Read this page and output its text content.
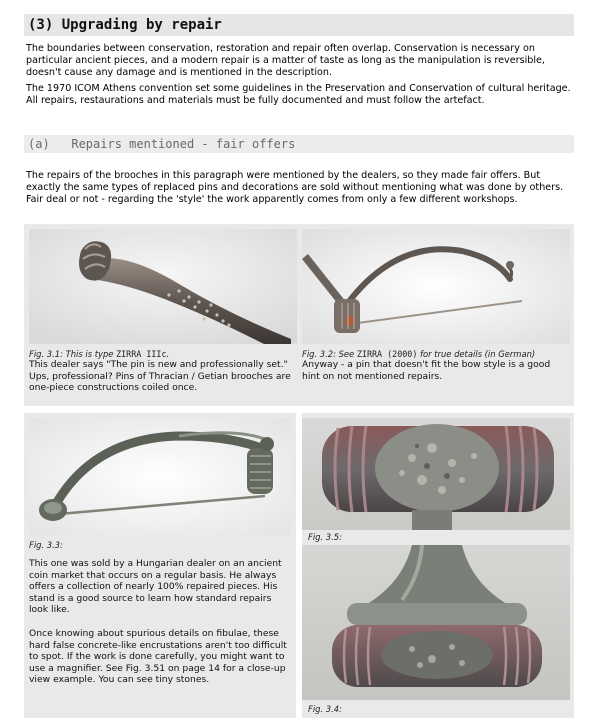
(3) Upgrading by repair

The boundaries between conservation, restoration and repair often overlap. Conservation is necessary on particular ancient pieces, and a modern repair is a matter of taste as long as the manipulation is reversible, doesn't cause any damage and is mentioned in the description.

The 1970 ICOM Athens convention set some guidelines in the Preservation and Conservation of cultural heritage. All repairs, restaurations and materials must be fully documented and must follow the artefact.

(a)   Repairs mentioned - fair offers
The repairs of the brooches in this paragraph were mentioned by the dealers, so they made fair offers. But exactly the same types of replaced pins and decorations are sold without mentioning what was done by others. Fair deal or not - regarding the 'style' the work apparently comes from only a few different workshops.
Fig. 3.1: This is type ZIRRA IIIc.
This dealer says "The pin is new and professionally set." Ups, professional? Pins of Thracian / Getian brooches are one-piece constructions coiled once.
Fig. 3.2: See ZIRRA (2000) for true details (in German)
Anyway - a pin that doesn't fit the bow style is a good hint on not mentioned repairs.
Fig. 3.3:
This one was sold by a Hungarian dealer on an ancient coin market that occurs on a regular basis. He always offers a collection of nearly 100% repaired pieces. His stand is a good source to learn how standard repairs look like.
Once knowing about spurious details on fibulae, these hard false concrete-like encrustations aren't too difficult to spot. If the work is done carefully, you might want to use a magnifier. See Fig. 3.51 on page 14 for a close-up view example. You can see tiny stones.
Fig. 3.5:
Fig. 3.4:
